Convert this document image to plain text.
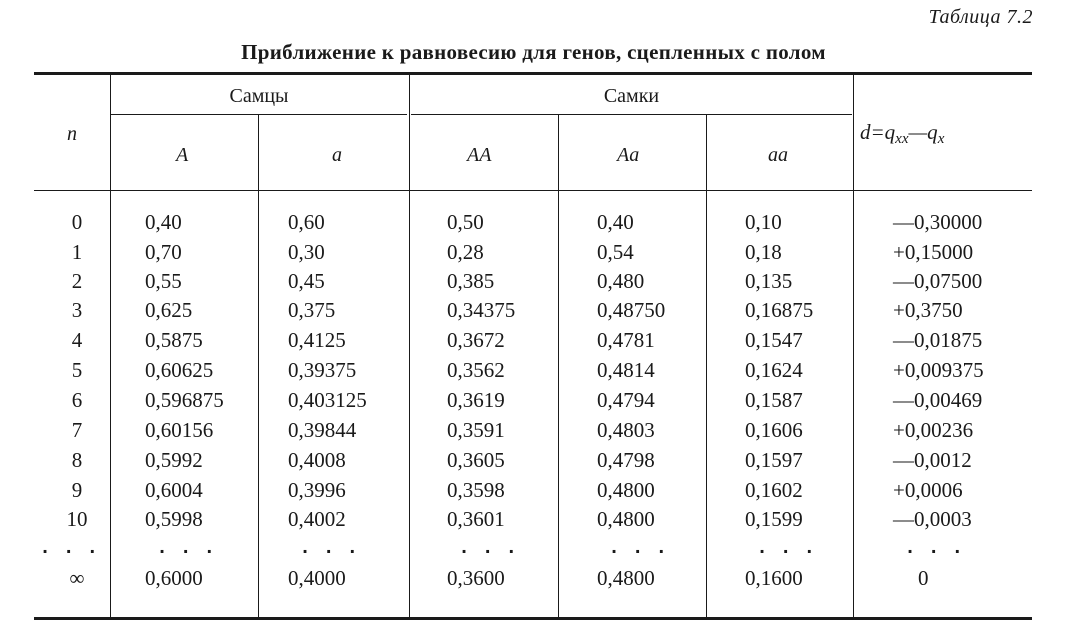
Таблица 7.2
Приближение к равновесию для генов, сцепленных с полом
n
Самцы	Самки
$d=q_{xx}—q_x$
A	a	AA	Aa	aa
0	0,40	0,60	0,50	0,40	0,10	—0,30000
1	0,70	0,30	0,28	0,54	0,18	+0,15000
2	0,55	0,45	0,385	0,480	0,135	—0,07500
3	0,625	0,375	0,34375	0,48750	0,16875	+0,3750
4	0,5875	0,4125	0,3672	0,4781	0,1547	—0,01875
5	0,60625	0,39375	0,3562	0,4814	0,1624	+0,009375
6	0,596875	0,403125	0,3619	0,4794	0,1587	—0,00469
7	0,60156	0,39844	0,3591	0,4803	0,1606	+0,00236
8	0,5992	0,4008	0,3605	0,4798	0,1597	—0,0012
9	0,6004	0,3996	0,3598	0,4800	0,1602	+0,0006
10	0,5998	0,4002	0,3601	0,4800	0,1599	—0,0003
. . .	. . .	. . .	. . .	. . .	. . .	. . .
∞	0,6000	0,4000	0,3600	0,4800	0,1600	0
